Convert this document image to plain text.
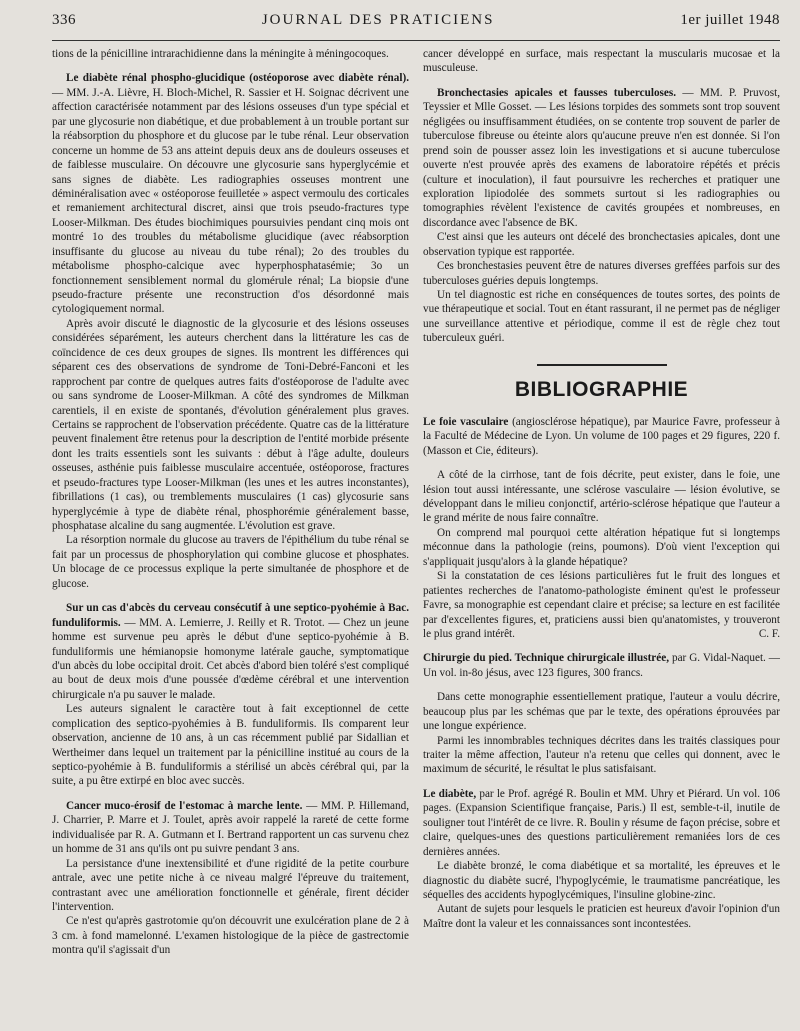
336	JOURNAL DES PRATICIENS	1er juillet 1948

tions de la pénicilline intrarachidienne dans la méningite à méningocoques.

Le diabète rénal phospho-glucidique (ostéoporose avec diabète rénal). — MM. J.-A. Lièvre, H. Bloch-Michel, R. Sassier et H. Soignac décrivent une affection caractérisée notamment par des lésions osseuses d'un type spécial et par une glycosurie non diabétique, et due probablement à un trouble portant sur la réabsorption du phosphore et du glucose par le tube rénal. Leur observation concerne un homme de 53 ans atteint depuis deux ans de douleurs osseuses et de faiblesse musculaire. On découvre une glycosurie sans hyperglycémie et sans signes de diabète. Les radiographies osseuses montrent une déminéralisation avec « ostéoporose feuilletée » aspect vermoulu des corticales et remaniement architectural discret, ainsi que trois pseudo-fractures type Looser-Milkman. Des études biochimiques poursuivies pendant cinq mois ont montré 1o des troubles du métabolisme glucidique (avec réabsorption insuffisante du glucose au niveau du tube rénal); 2o des troubles du métabolisme phospho-calcique avec hyperphosphatasémie; 3o un fonctionnement sensiblement normal du glomérule rénal; La biopsie d'une pseudo-fracture présente une reconstruction d'os désordonné mais cytologiquement normal.

Après avoir discuté le diagnostic de la glycosurie et des lésions osseuses considérées séparément, les auteurs cherchent dans la littérature les cas de coïncidence de ces deux groupes de signes. Ils montrent les différences qui séparent ces des observations de syndrome de Toni-Debré-Fanconi et les rapprochent par contre de quelques autres faits d'ostéoporose de l'adulte avec ou sans syndrome de Looser-Milkman. A côté des syndromes de Milkman carentiels, il en existe de spontanés, d'évolution généralement plus graves. Certains se rapprochent de l'observation précédente. Quatre cas de la littérature peuvent finalement être retenus pour la description de l'entité morbide présente dont les traits essentiels sont les suivants : début à l'âge adulte, douleurs osseuses, asthénie puis faiblesse musculaire accentuée, ostéoporose, fractures et pseudo-fractures type Looser-Milkman (les unes et les autres inconstantes), fibrillations (1 cas), ou tremblements musculaires (1 cas) glycosurie sans hyperglycémie à type de diabète rénal, phosphorémie généralement basse, phosphatase alcaline du sang augmentée. L'évolution est grave.

La résorption normale du glucose au travers de l'épithélium du tube rénal se fait par un processus de phosphorylation qui combine glucose et phosphates. Un blocage de ce processus explique la perte simultanée de phosphore et de glucose.

Sur un cas d'abcès du cerveau consécutif à une septico-pyohémie à Bac. funduliformis. — MM. A. Lemierre, J. Reilly et R. Trotot. — Chez un jeune homme est survenue peu après le début d'une septico-pyohémie à B. funduliformis une hémianopsie homonyme latérale gauche, symptomatique d'un abcès du lobe occipital droit. Cet abcès d'abord bien toléré s'est compliqué au bout de deux mois d'une poussée d'œdème cérébral et une intervention chirurgicale n'a pu sauver le malade.

Les auteurs signalent le caractère tout à fait exceptionnel de cette complication des septico-pyohémies à B. funduliformis. Ils comparent leur observation, ancienne de 10 ans, à un cas récemment publié par Sidallian et Wertheimer dans lequel un traitement par la pénicilline institué au cours de la septico-pyohémie à B. funduliformis a stérilisé un abcès cérébral qui, par la suite, a pu être extirpé en bloc avec succès.

Cancer muco-érosif de l'estomac à marche lente. — MM. P. Hillemand, J. Charrier, P. Marre et J. Toulet, après avoir rappelé la rareté de cette forme individualisée par R. A. Gutmann et I. Bertrand rapportent un cas survenu chez un homme de 31 ans qu'ils ont pu suivre pendant 3 ans.

La persistance d'une inextensibilité et d'une rigidité de la petite courbure antrale, avec une petite niche à ce niveau malgré l'épreuve du traitement, contrastant avec une amélioration fonctionnelle et générale, firent décider l'intervention.

Ce n'est qu'après gastrotomie qu'on découvrit une exulcération plane de 2 à 3 cm. à fond mamelonné. L'examen histologique de la pièce de gastrectomie montra qu'il s'agissait d'un

cancer développé en surface, mais respectant la muscularis mucosae et la musculeuse.

Bronchectasies apicales et fausses tuberculoses. — MM. P. Pruvost, Teyssier et Mlle Gosset. — Les lésions torpides des sommets sont trop souvent négligées ou insuffisamment étudiées, on se contente trop souvent de parler de tuberculose fibreuse ou éteinte alors qu'aucune preuve n'en est donnée. Si l'on prend soin de pousser assez loin les investigations et si aucune tuberculose ouverte n'est prouvée après des examens de laboratoire répétés et précis (culture et inoculation), il faut poursuivre les recherches et pratiquer une exploration lipiodolée des sommets surtout si les radiographies ou tomographies révèlent l'existence de cavités groupées et nombreuses, en discordance avec l'absence de BK.

C'est ainsi que les auteurs ont décelé des bronchectasies apicales, dont une observation typique est rapportée.

Ces bronchestasies peuvent être de natures diverses greffées parfois sur des tuberculoses guéries depuis longtemps.

Un tel diagnostic est riche en conséquences de toutes sortes, des points de vue thérapeutique et social. Tout en étant rassurant, il ne permet pas de négliger une surveillance attentive et périodique, comme il est de règle chez tout tuberculeux guéri.

BIBLIOGRAPHIE

Le foie vasculaire (angiosclérose hépatique), par Maurice Favre, professeur à la Faculté de Médecine de Lyon. Un volume de 100 pages et 29 figures, 220 f. (Masson et Cie, éditeurs).

A côté de la cirrhose, tant de fois décrite, peut exister, dans le foie, une lésion tout aussi intéressante, une sclérose vasculaire — lésion évolutive, se développant dans le milieu conjonctif, artério-sclérose hépatique que l'auteur a le grand mérite de nous faire connaître.

On comprend mal pourquoi cette altération hépatique fut si longtemps méconnue dans la pathologie (reins, poumons). D'où vient l'exception qui s'appliquait jusqu'alors à la glande hépatique?

Si la constatation de ces lésions particulières fut le fruit des longues et patientes recherches de l'anatomo-pathologiste éminent qu'est le professeur Favre, sa monographie est cependant claire et précise; sa lecture en est facilitée par d'excellentes figures, et, praticiens aussi bien qu'anatomistes, y trouveront le plus grand intérêt.	C. F.

Chirurgie du pied. Technique chirurgicale illustrée, par G. Vidal-Naquet. — Un vol. in-8o jésus, avec 123 figures, 300 francs.

Dans cette monographie essentiellement pratique, l'auteur a voulu décrire, beaucoup plus par les schémas que par le texte, des opérations éprouvées par une longue expérience.

Parmi les innombrables techniques décrites dans les traités classiques pour traiter la même affection, l'auteur n'a retenu que celles qui donnent, avec le maximum de sécurité, le résultat le plus satisfaisant.

Le diabète, par le Prof. agrégé R. Boulin et MM. Uhry et Piérard. Un vol. 106 pages. (Expansion Scientifique française, Paris.) Il est, semble-t-il, inutile de souligner tout l'intérêt de ce livre. R. Boulin y résume de façon précise, sobre et claire, quelques-unes des questions particulièrement remaniées lors de ces dernières années.

Le diabète bronzé, le coma diabétique et sa mortalité, les épreuves et le diagnostic du diabète sucré, l'hypoglycémie, le traumatisme pancréatique, les séquelles des accidents hypoglycémiques, l'insuline globine-zinc.

Autant de sujets pour lesquels le praticien est heureux d'avoir l'opinion d'un Maître dont la valeur et les connaissances sont incontestées.
